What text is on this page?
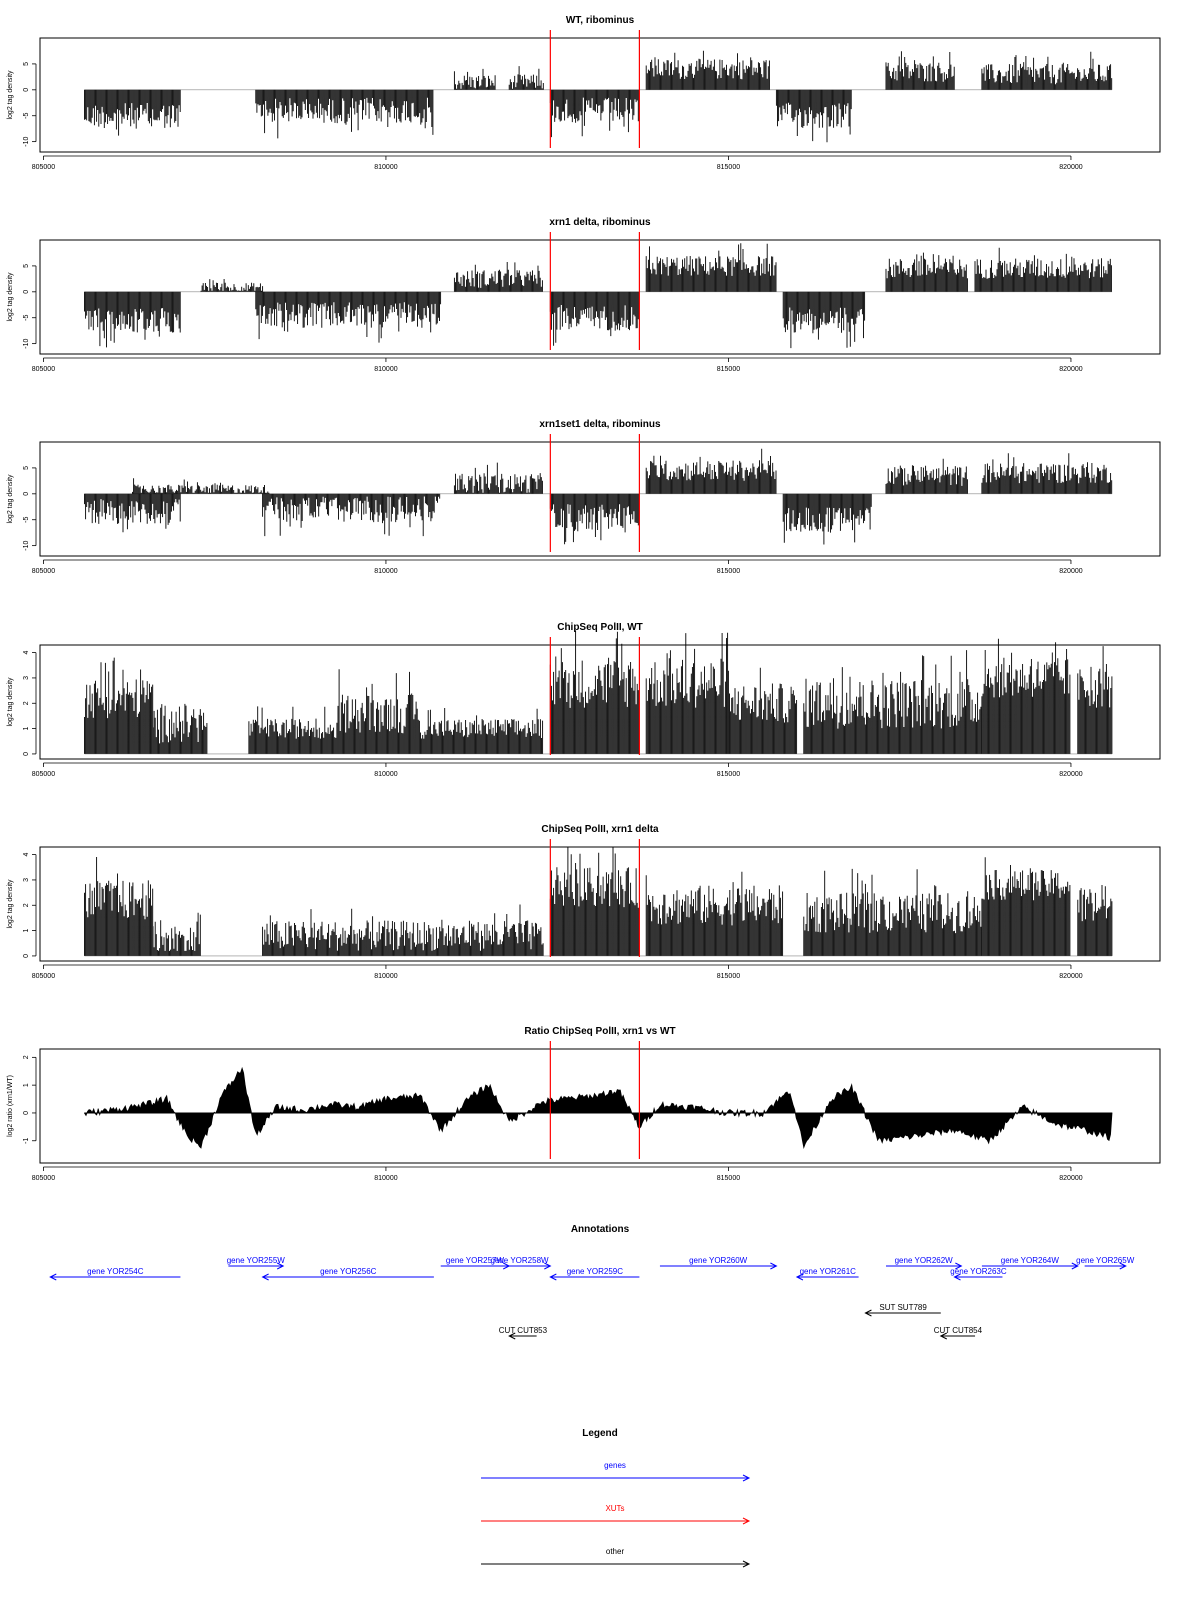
WT, ribominus
-10
-5
0
5
log2 tag density
805000	810000	815000	820000
xrn1 delta, ribominus
-10
-5
0
5
log2 tag density
805000	810000	815000	820000
xrn1set1 delta, ribominus
-10
-5
0
5
log2 tag density
805000	810000	815000	820000
ChipSeq PolII, WT
0
1
2
3
4
log2 tag density
805000	810000	815000	820000
ChipSeq PolII, xrn1 delta
0
1
2
3
4
log2 tag density
805000	810000	815000	820000
Ratio ChipSeq PolII, xrn1 vs WT
-1
0
1
2
log2 ratio (xrn1/WT)
805000	810000	815000	820000
Annotations
gene YOR254C
gene YOR255W
gene YOR256C
gene YOR257W
gene YOR258W
gene YOR259C
gene YOR260W
gene YOR261C
gene YOR262W
gene YOR263C
gene YOR264W gene YOR265W
SUT SUT789
CUT CUT853	CUT CUT854
Legend
genes
XUTs
other
